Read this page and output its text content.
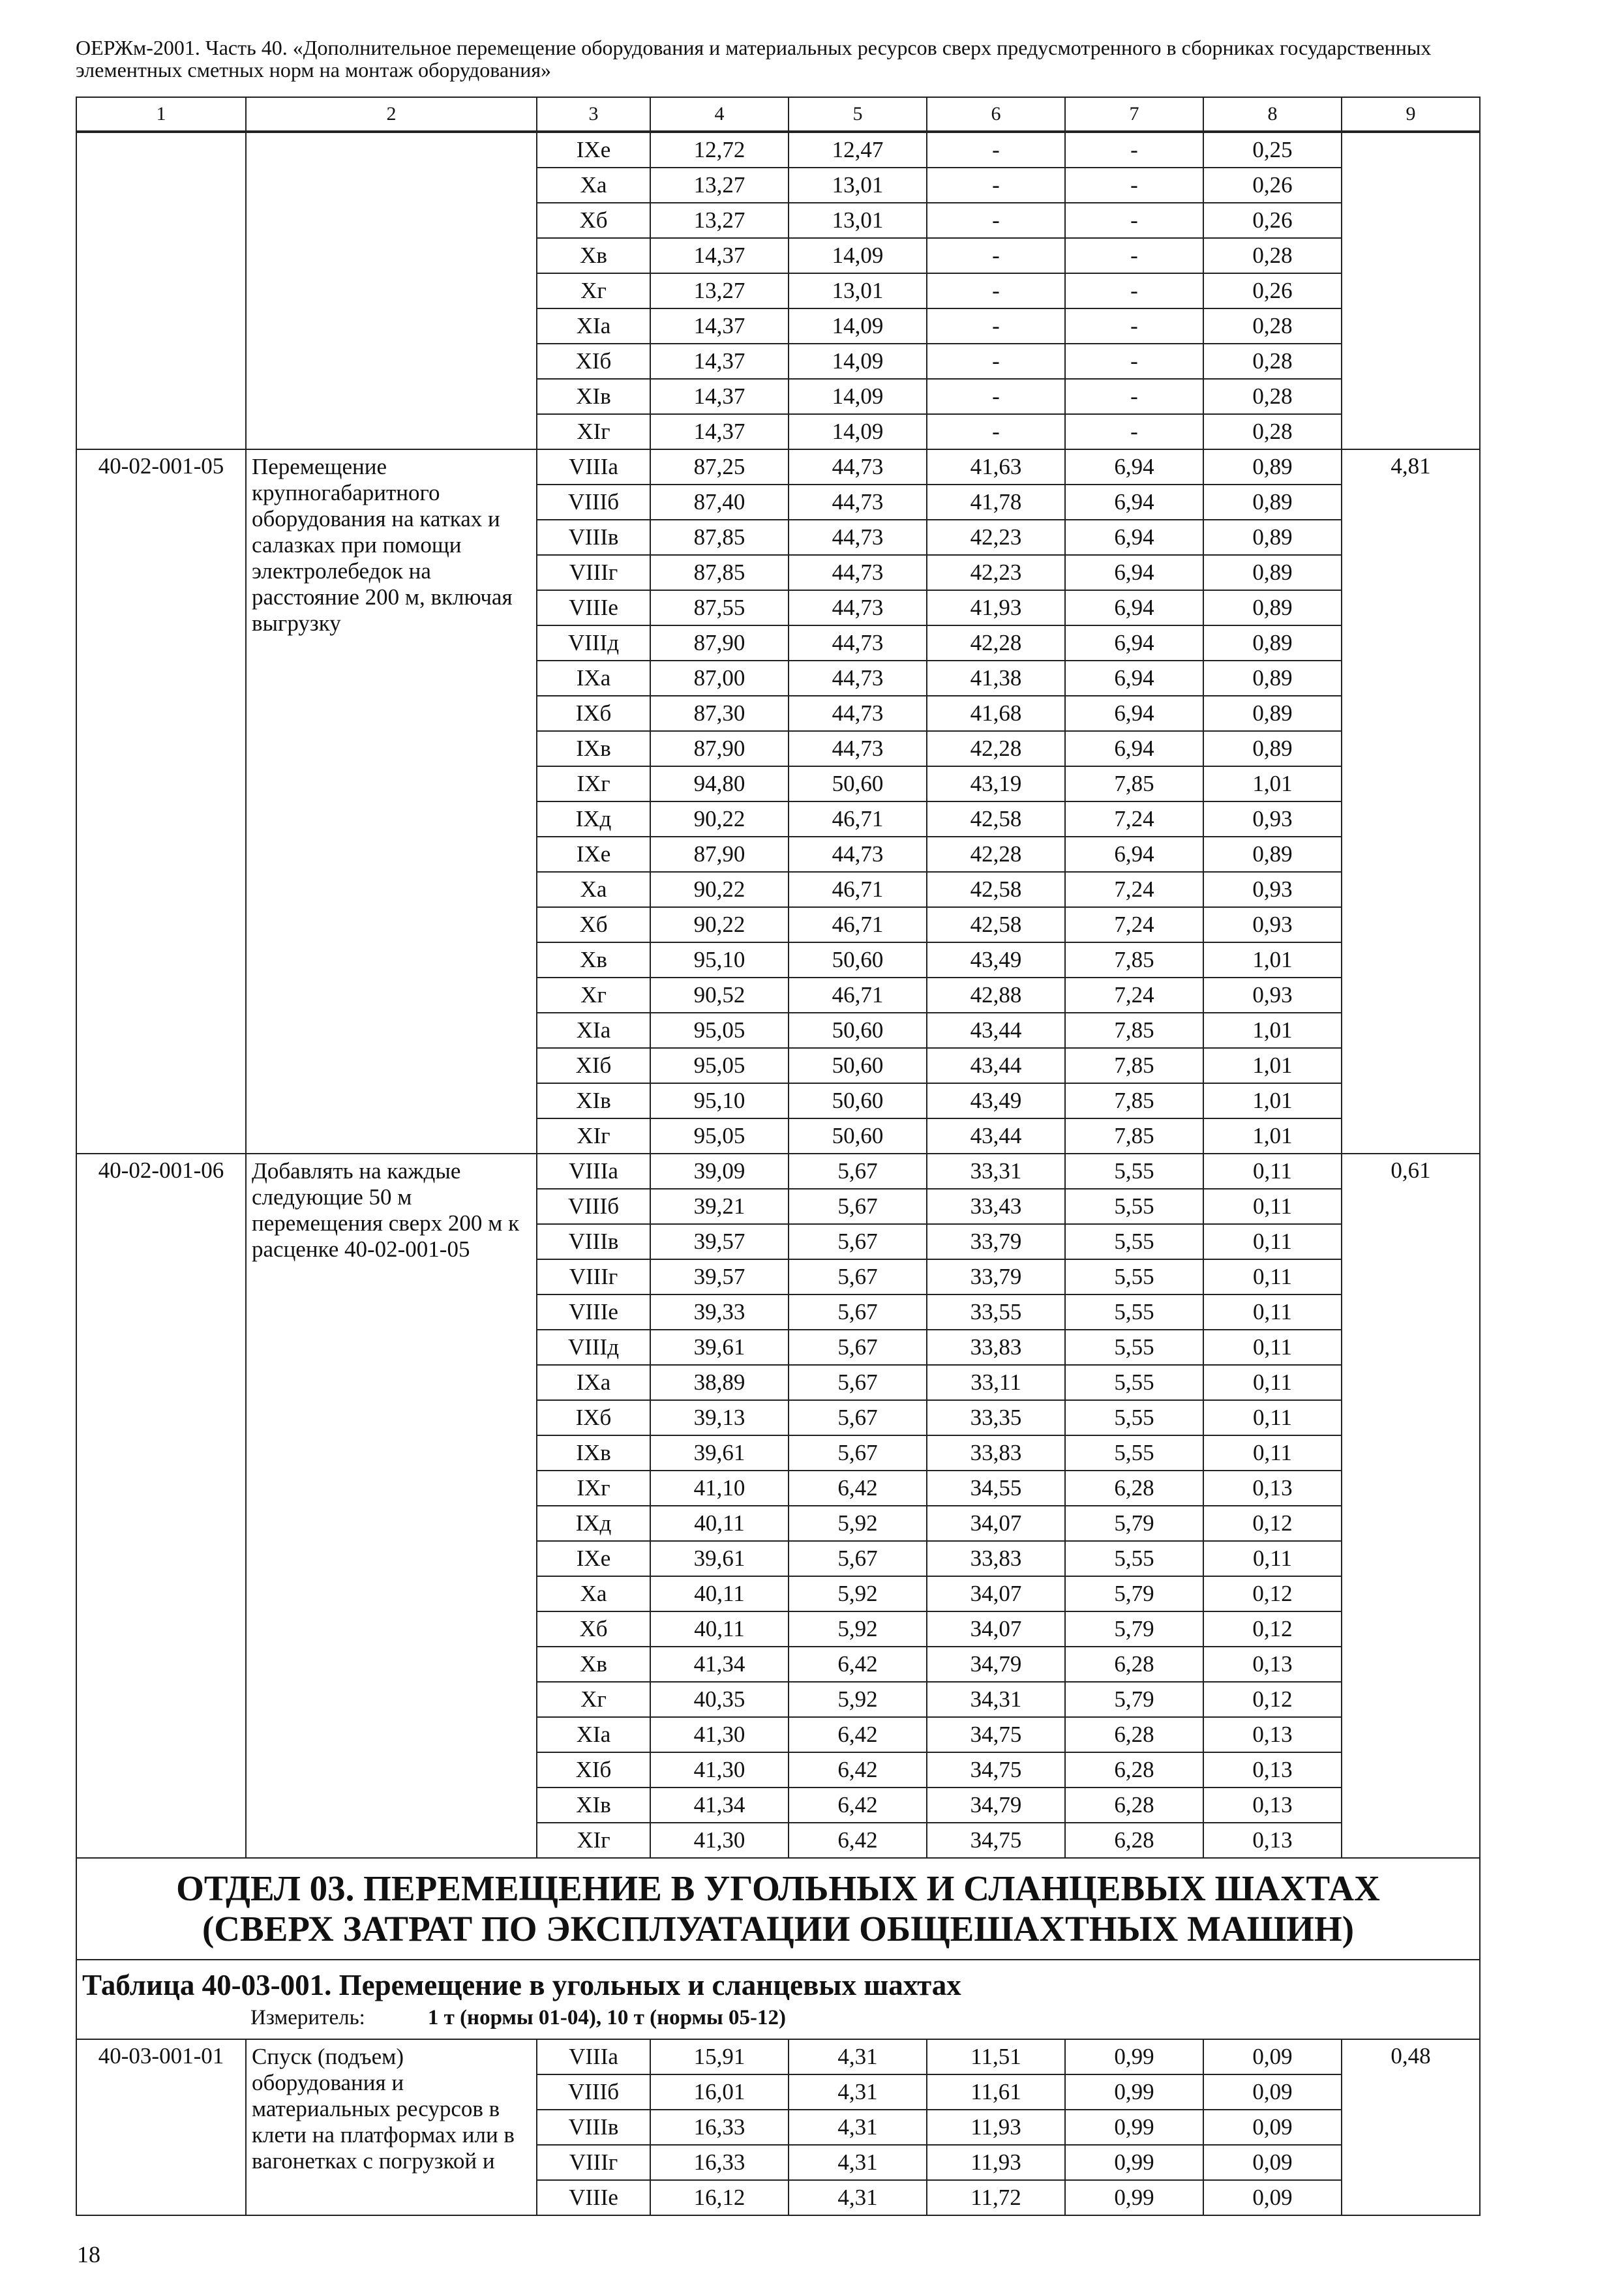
ОЕРЖм-2001. Часть 40. «Дополнительное перемещение оборудования и материальных ресурсов сверх предусмотренного в сборниках государственных элементных сметных норм на монтаж оборудования»
1	2	3	4	5	6	7	8	9
		IXе	12,72	12,47	-	-	0,25	
		Xа	13,27	13,01	-	-	0,26	
		Xб	13,27	13,01	-	-	0,26	
		Xв	14,37	14,09	-	-	0,28	
		Xг	13,27	13,01	-	-	0,26	
		XIа	14,37	14,09	-	-	0,28	
		XIб	14,37	14,09	-	-	0,28	
		XIв	14,37	14,09	-	-	0,28	
		XIг	14,37	14,09	-	-	0,28	
40-02-001-05	Перемещение крупногабаритного оборудования на катках и салазках при помощи электролебедок на расстояние 200 м, включая выгрузку	VIIIа	87,25	44,73	41,63	6,94	0,89	4,81
		VIIIб	87,40	44,73	41,78	6,94	0,89	
		VIIIв	87,85	44,73	42,23	6,94	0,89	
		VIIIг	87,85	44,73	42,23	6,94	0,89	
		VIIIе	87,55	44,73	41,93	6,94	0,89	
		VIIIд	87,90	44,73	42,28	6,94	0,89	
		IXа	87,00	44,73	41,38	6,94	0,89	
		IXб	87,30	44,73	41,68	6,94	0,89	
		IXв	87,90	44,73	42,28	6,94	0,89	
		IXг	94,80	50,60	43,19	7,85	1,01	
		IXд	90,22	46,71	42,58	7,24	0,93	
		IXе	87,90	44,73	42,28	6,94	0,89	
		Xа	90,22	46,71	42,58	7,24	0,93	
		Xб	90,22	46,71	42,58	7,24	0,93	
		Xв	95,10	50,60	43,49	7,85	1,01	
		Xг	90,52	46,71	42,88	7,24	0,93	
		XIа	95,05	50,60	43,44	7,85	1,01	
		XIб	95,05	50,60	43,44	7,85	1,01	
		XIв	95,10	50,60	43,49	7,85	1,01	
		XIг	95,05	50,60	43,44	7,85	1,01	
40-02-001-06	Добавлять на каждые следующие 50 м перемещения сверх 200 м к расценке 40-02-001-05	VIIIа	39,09	5,67	33,31	5,55	0,11	0,61
		VIIIб	39,21	5,67	33,43	5,55	0,11	
		VIIIв	39,57	5,67	33,79	5,55	0,11	
		VIIIг	39,57	5,67	33,79	5,55	0,11	
		VIIIе	39,33	5,67	33,55	5,55	0,11	
		VIIIд	39,61	5,67	33,83	5,55	0,11	
		IXа	38,89	5,67	33,11	5,55	0,11	
		IXб	39,13	5,67	33,35	5,55	0,11	
		IXв	39,61	5,67	33,83	5,55	0,11	
		IXг	41,10	6,42	34,55	6,28	0,13	
		IXд	40,11	5,92	34,07	5,79	0,12	
		IXе	39,61	5,67	33,83	5,55	0,11	
		Xа	40,11	5,92	34,07	5,79	0,12	
		Xб	40,11	5,92	34,07	5,79	0,12	
		Xв	41,34	6,42	34,79	6,28	0,13	
		Xг	40,35	5,92	34,31	5,79	0,12	
		XIа	41,30	6,42	34,75	6,28	0,13	
		XIб	41,30	6,42	34,75	6,28	0,13	
		XIв	41,34	6,42	34,79	6,28	0,13	
		XIг	41,30	6,42	34,75	6,28	0,13	

ОТДЕЛ 03. ПЕРЕМЕЩЕНИЕ В УГОЛЬНЫХ И СЛАНЦЕВЫХ ШАХТАХ
(СВЕРХ ЗАТРАТ ПО ЭКСПЛУАТАЦИИ ОБЩЕШАХТНЫХ МАШИН)								

Таблица 40-03-001. Перемещение в угольных и сланцевых шахтах
Измеритель: 1 т (нормы 01-04), 10 т (нормы 05-12)								

40-03-001-01	Спуск (подъем) оборудования и материальных ресурсов в клети на платформах или в вагонетках с погрузкой и	VIIIа	15,91	4,31	11,51	0,99	0,09	0,48
		VIIIб	16,01	4,31	11,61	0,99	0,09	
		VIIIв	16,33	4,31	11,93	0,99	0,09	
		VIIIг	16,33	4,31	11,93	0,99	0,09	
		VIIIе	16,12	4,31	11,72	0,99	0,09	
18
